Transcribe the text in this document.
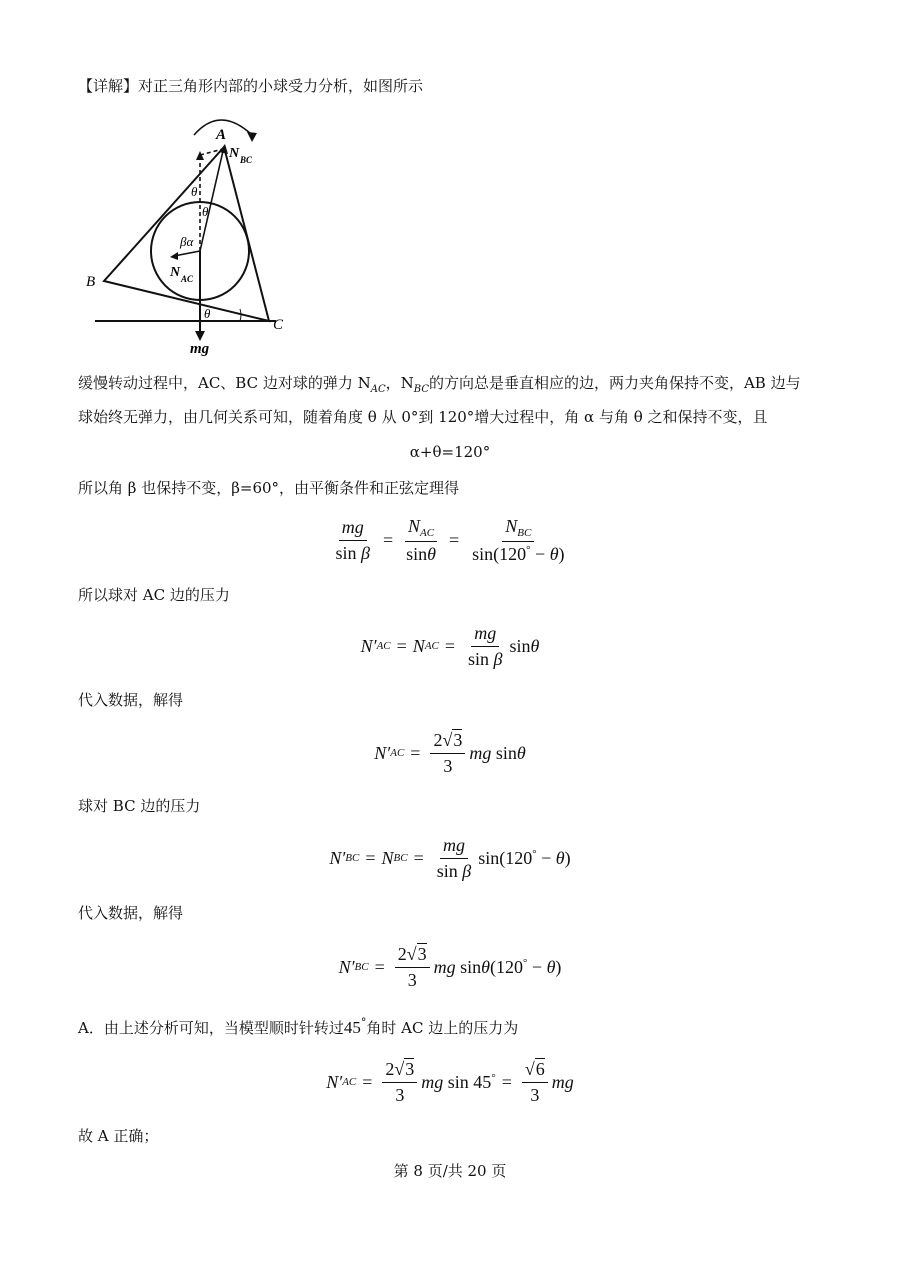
【详解】对正三角形内部的小球受力分析，如图所示
A
B
C
N BC
θ
θ
βα
N AC
θ
mg
缓慢转动过程中，AC、BC 边对球的弹力 $N_{AC}$，$N_{BC}$的方向总是垂直相应的边，两力夹角保持不变，AB 边与
球始终无弹力，由几何关系可知，随着角度 θ 从 0°到 120°增大过程中，角 α 与角 θ 之和保持不变，且
α+θ=120°
所以角 β 也保持不变，β=60°，由平衡条件和正弦定理得
$\frac{mg}{\text{sin β}} = \frac{N_{AC}}{\sin\theta} = \frac{N_{BC}}{\sin(120^\circ - \theta)}$
所以球对 AC 边的压力
N′ AC = N AC = $\frac{mg}{\text{sin β}}$ sinθ
代入数据，解得
N′ AC = $\frac{2√3}{3}$ mg sinθ
球对 BC 边的压力
N′ BC = N BC = $\frac{mg}{\text{sin β}} \sin(120^\circ - \theta)$
代入数据，解得
N′ BC = $\frac{2√3}{3}$ mg sinθ(120° − θ)
A．由上述分析可知，当模型顺时针转过45°角时 AC 边上的压力为
N′ AC = $\frac{2√3}{3}$ mg $\sin 45^\circ = \frac{√6}{3}$ mg
故 A 正确；
第 8 页/共 20 页
